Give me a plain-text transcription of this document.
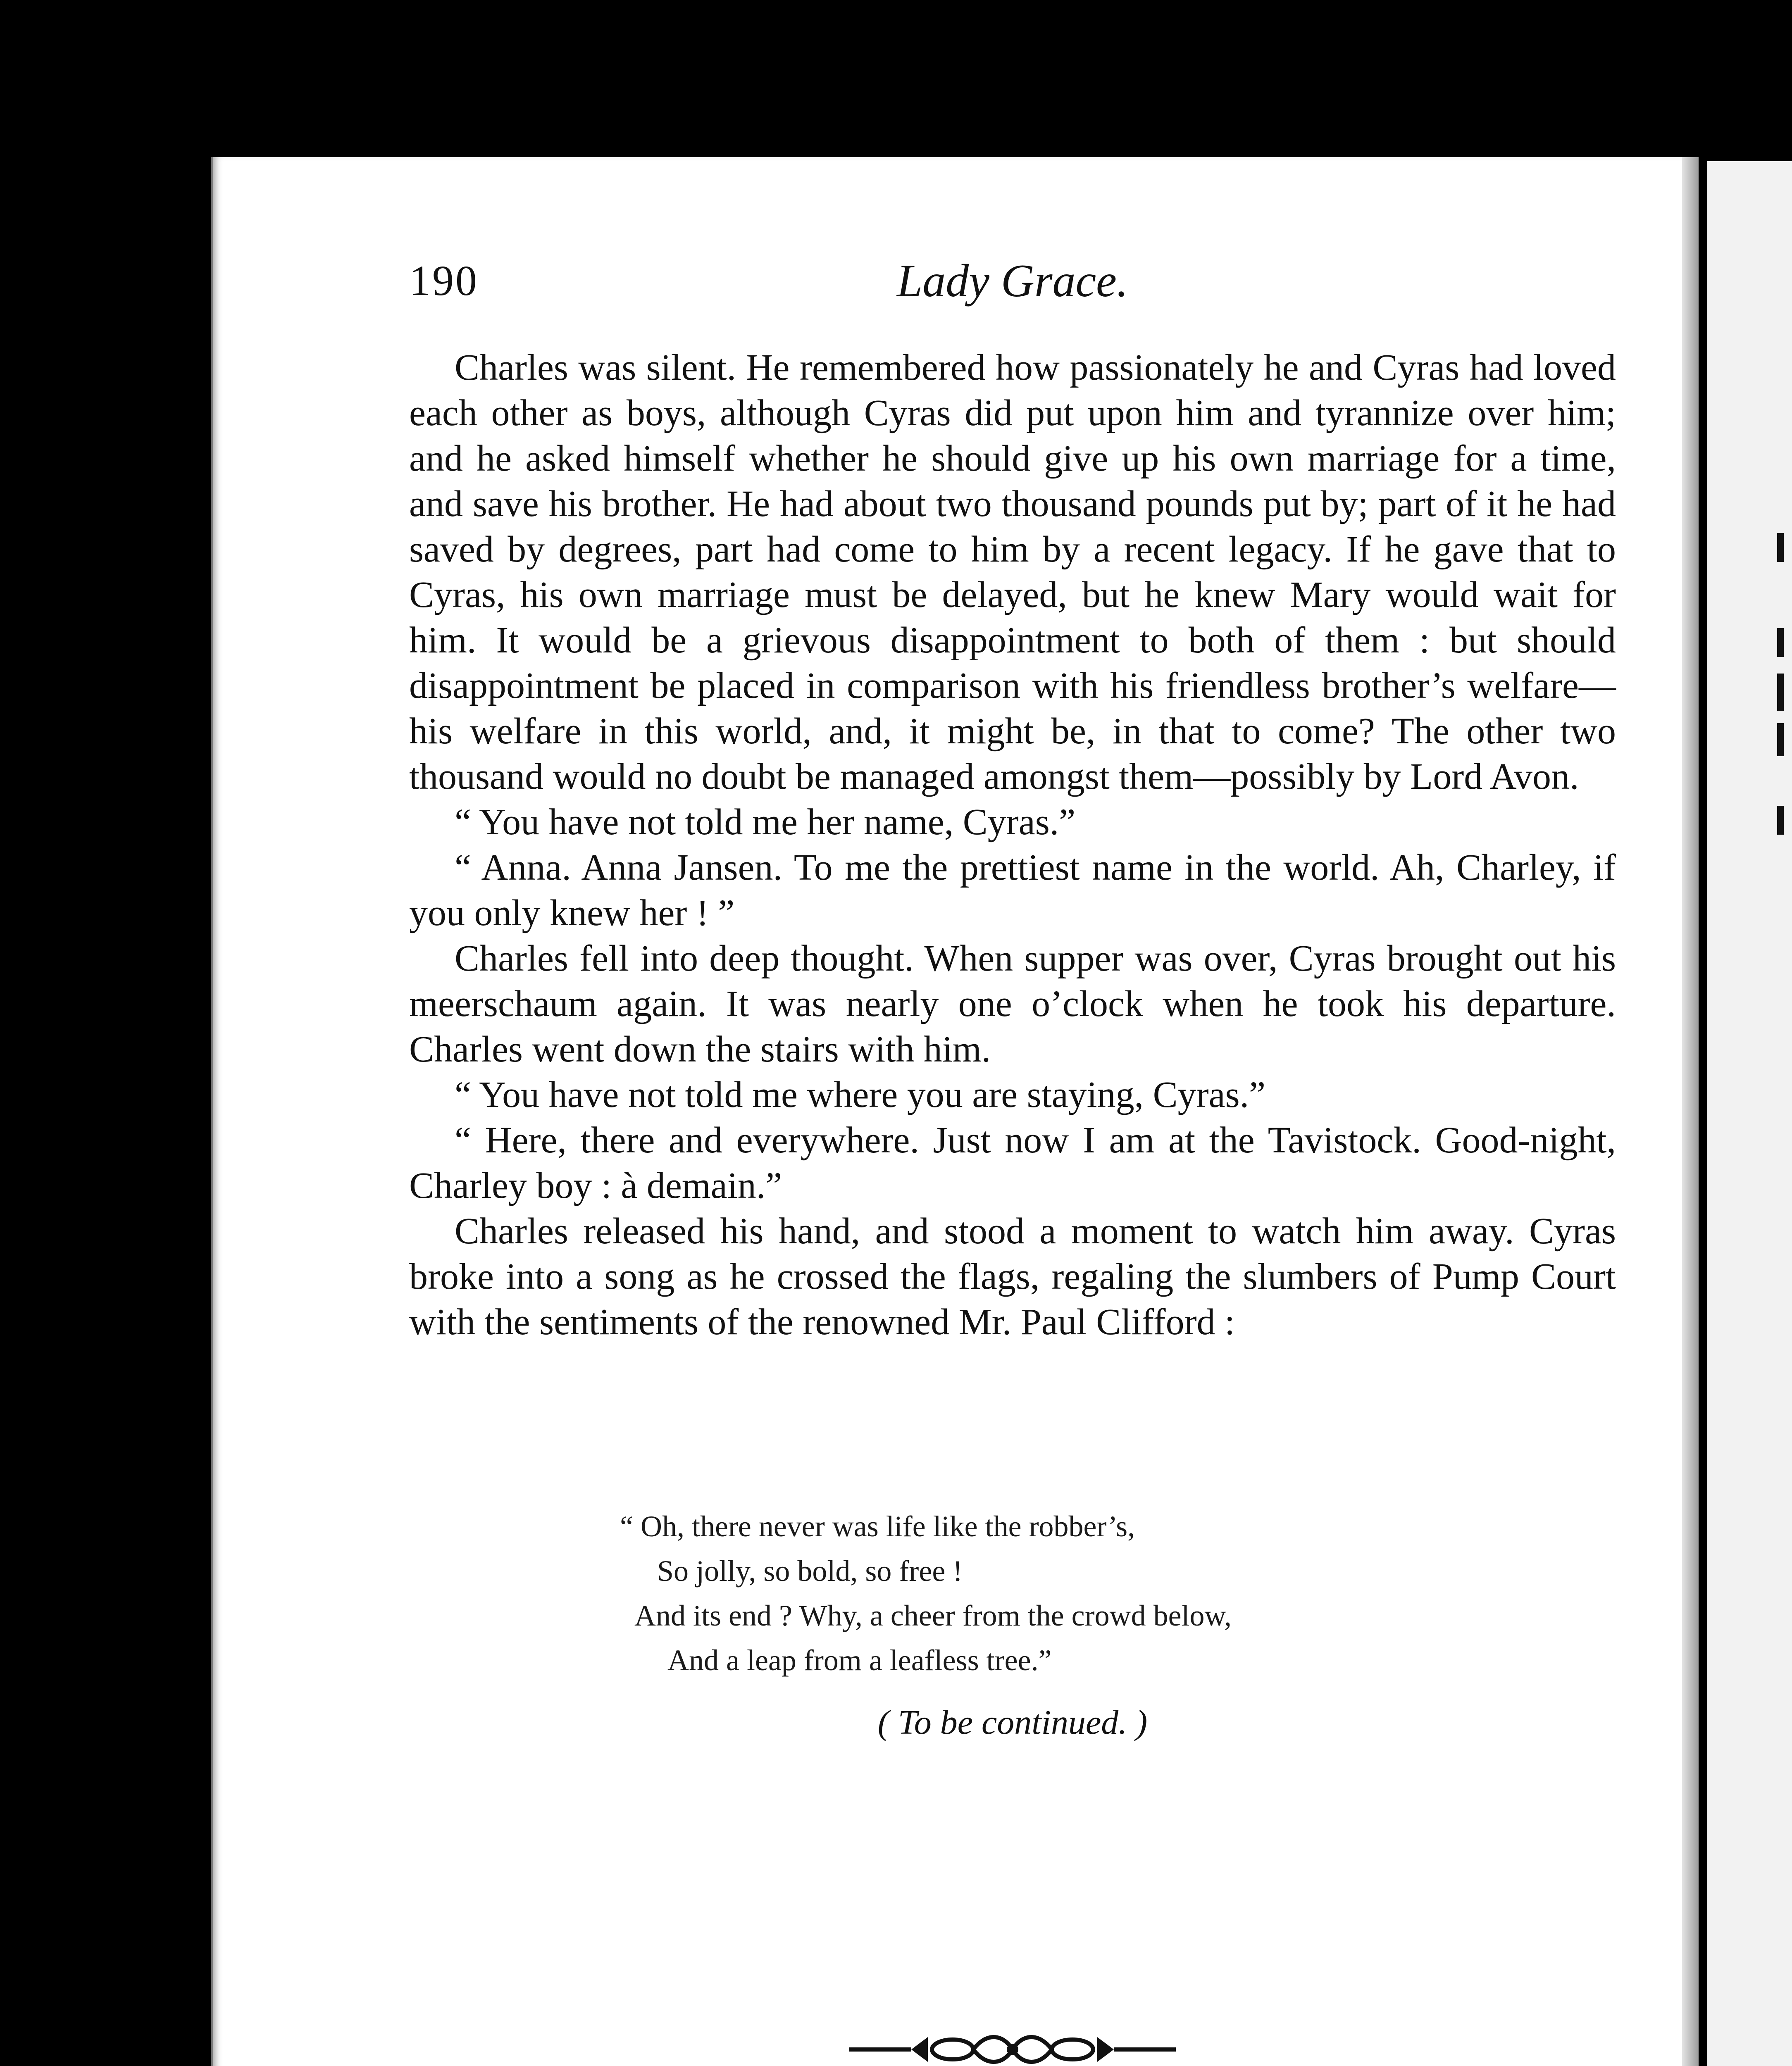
190	Lady Grace.

Charles was silent. He remembered how passionately he and Cyras had loved each other as boys, although Cyras did put upon him and tyrannize over him; and he asked himself whether he should give up his own marriage for a time, and save his brother. He had about two thousand pounds put by; part of it he had saved by degrees, part had come to him by a recent legacy. If he gave that to Cyras, his own marriage must be delayed, but he knew Mary would wait for him. It would be a grievous disappointment to both of them : but should disappointment be placed in comparison with his friendless brother’s welfare—his welfare in this world, and, it might be, in that to come? The other two thousand would no doubt be managed amongst them—possibly by Lord Avon.

“ You have not told me her name, Cyras.”

“ Anna. Anna Jansen. To me the prettiest name in the world. Ah, Charley, if you only knew her ! ”

Charles fell into deep thought. When supper was over, Cyras brought out his meerschaum again. It was nearly one o’clock when he took his departure. Charles went down the stairs with him.

“ You have not told me where you are staying, Cyras.”

“ Here, there and everywhere. Just now I am at the Tavistock. Good-night, Charley boy : à demain.”

Charles released his hand, and stood a moment to watch him away. Cyras broke into a song as he crossed the flags, regaling the slumbers of Pump Court with the sentiments of the renowned Mr. Paul Clifford :

“ Oh, there never was life like the robber’s,
So jolly, so bold, so free !
And its end ? Why, a cheer from the crowd below,
And a leap from a leafless tree.”
( To be continued. )
